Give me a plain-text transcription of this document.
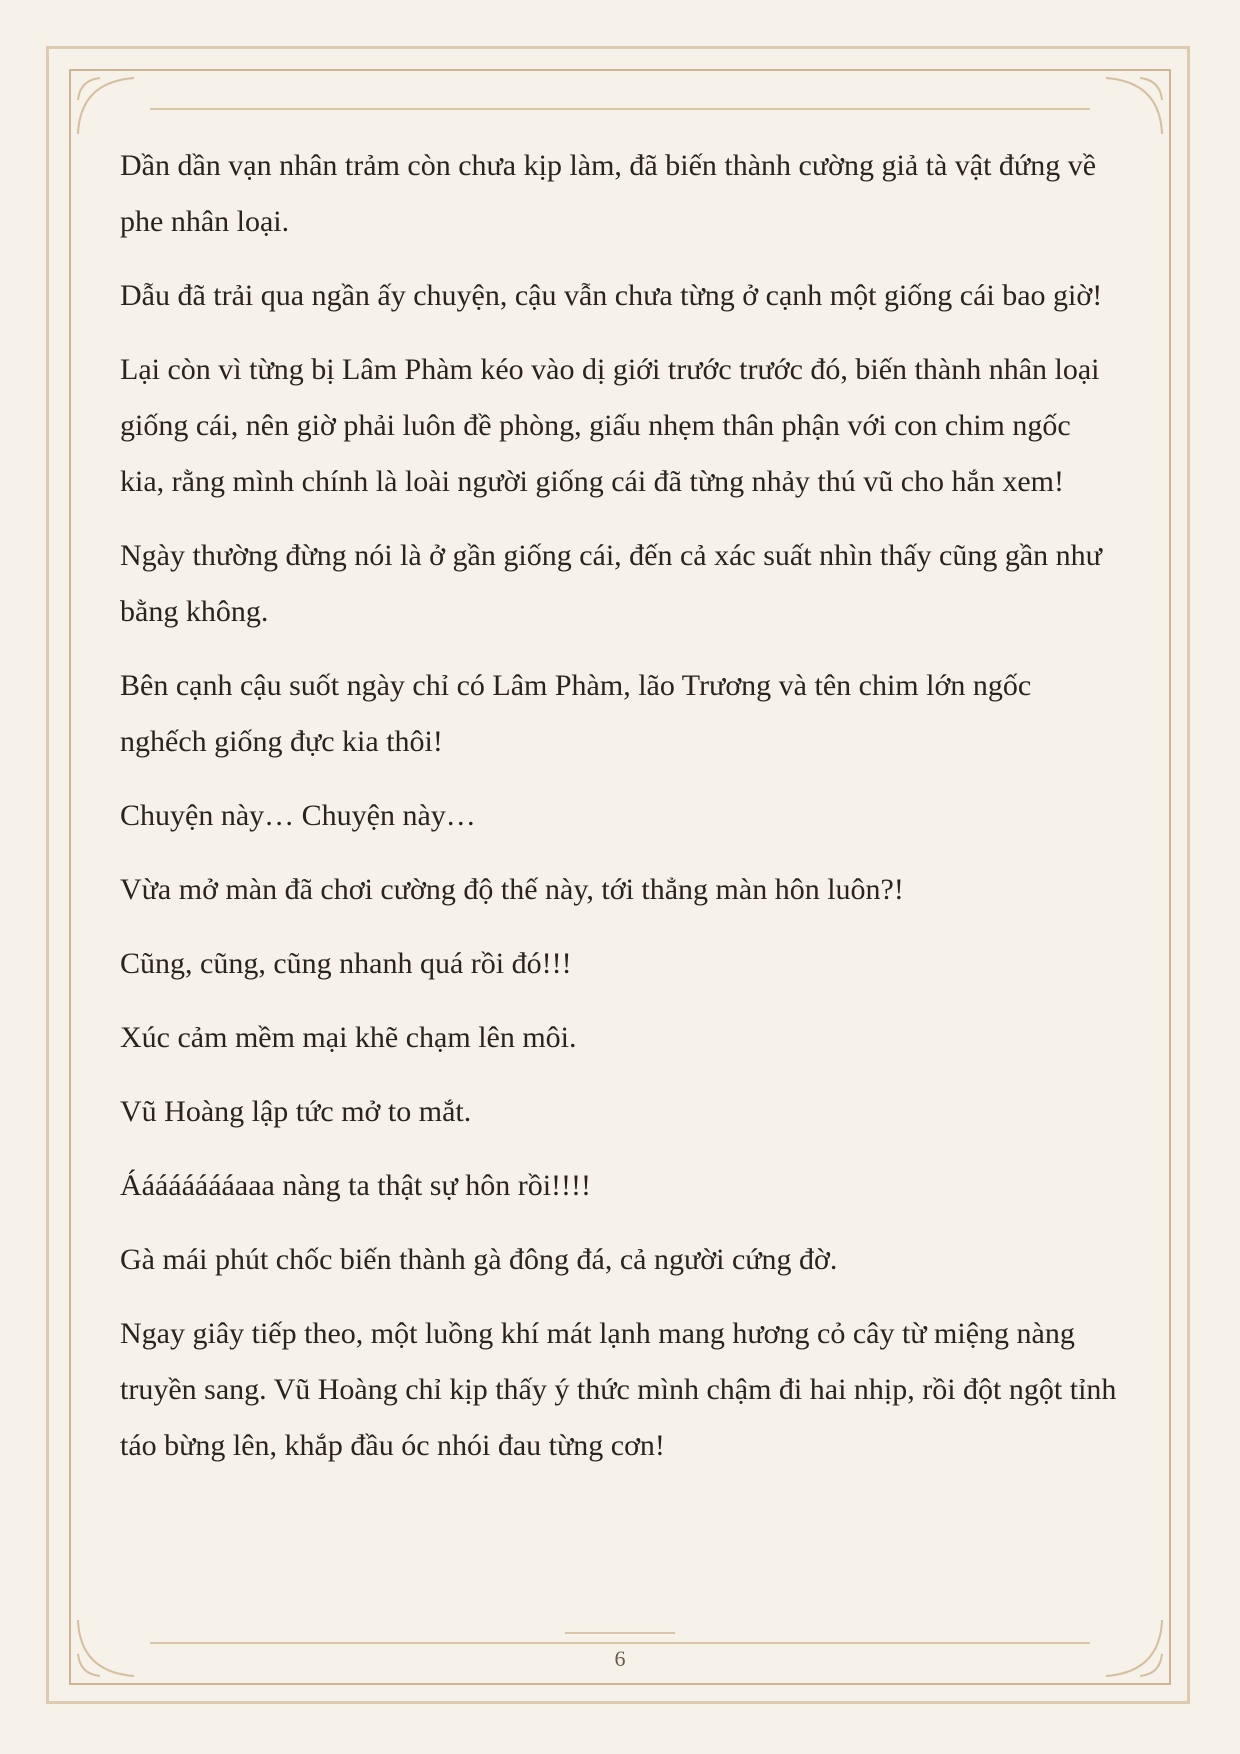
Dần dần vạn nhân trảm còn chưa kịp làm, đã biến thành cường giả tà vật đứng về phe nhân loại.

Dẫu đã trải qua ngần ấy chuyện, cậu vẫn chưa từng ở cạnh một giống cái bao giờ!

Lại còn vì từng bị Lâm Phàm kéo vào dị giới trước trước đó, biến thành nhân loại giống cái, nên giờ phải luôn đề phòng, giấu nhẹm thân phận với con chim ngốc kia, rằng mình chính là loài người giống cái đã từng nhảy thú vũ cho hắn xem!

Ngày thường đừng nói là ở gần giống cái, đến cả xác suất nhìn thấy cũng gần như bằng không.

Bên cạnh cậu suốt ngày chỉ có Lâm Phàm, lão Trương và tên chim lớn ngốc nghếch giống đực kia thôi!

Chuyện này… Chuyện này…

Vừa mở màn đã chơi cường độ thế này, tới thẳng màn hôn luôn?!

Cũng, cũng, cũng nhanh quá rồi đó!!!

Xúc cảm mềm mại khẽ chạm lên môi.

Vũ Hoàng lập tức mở to mắt.

Ááááááááaaa nàng ta thật sự hôn rồi!!!!

Gà mái phút chốc biến thành gà đông đá, cả người cứng đờ.

Ngay giây tiếp theo, một luồng khí mát lạnh mang hương cỏ cây từ miệng nàng truyền sang. Vũ Hoàng chỉ kịp thấy ý thức mình chậm đi hai nhịp, rồi đột ngột tỉnh táo bừng lên, khắp đầu óc nhói đau từng cơn!

6
